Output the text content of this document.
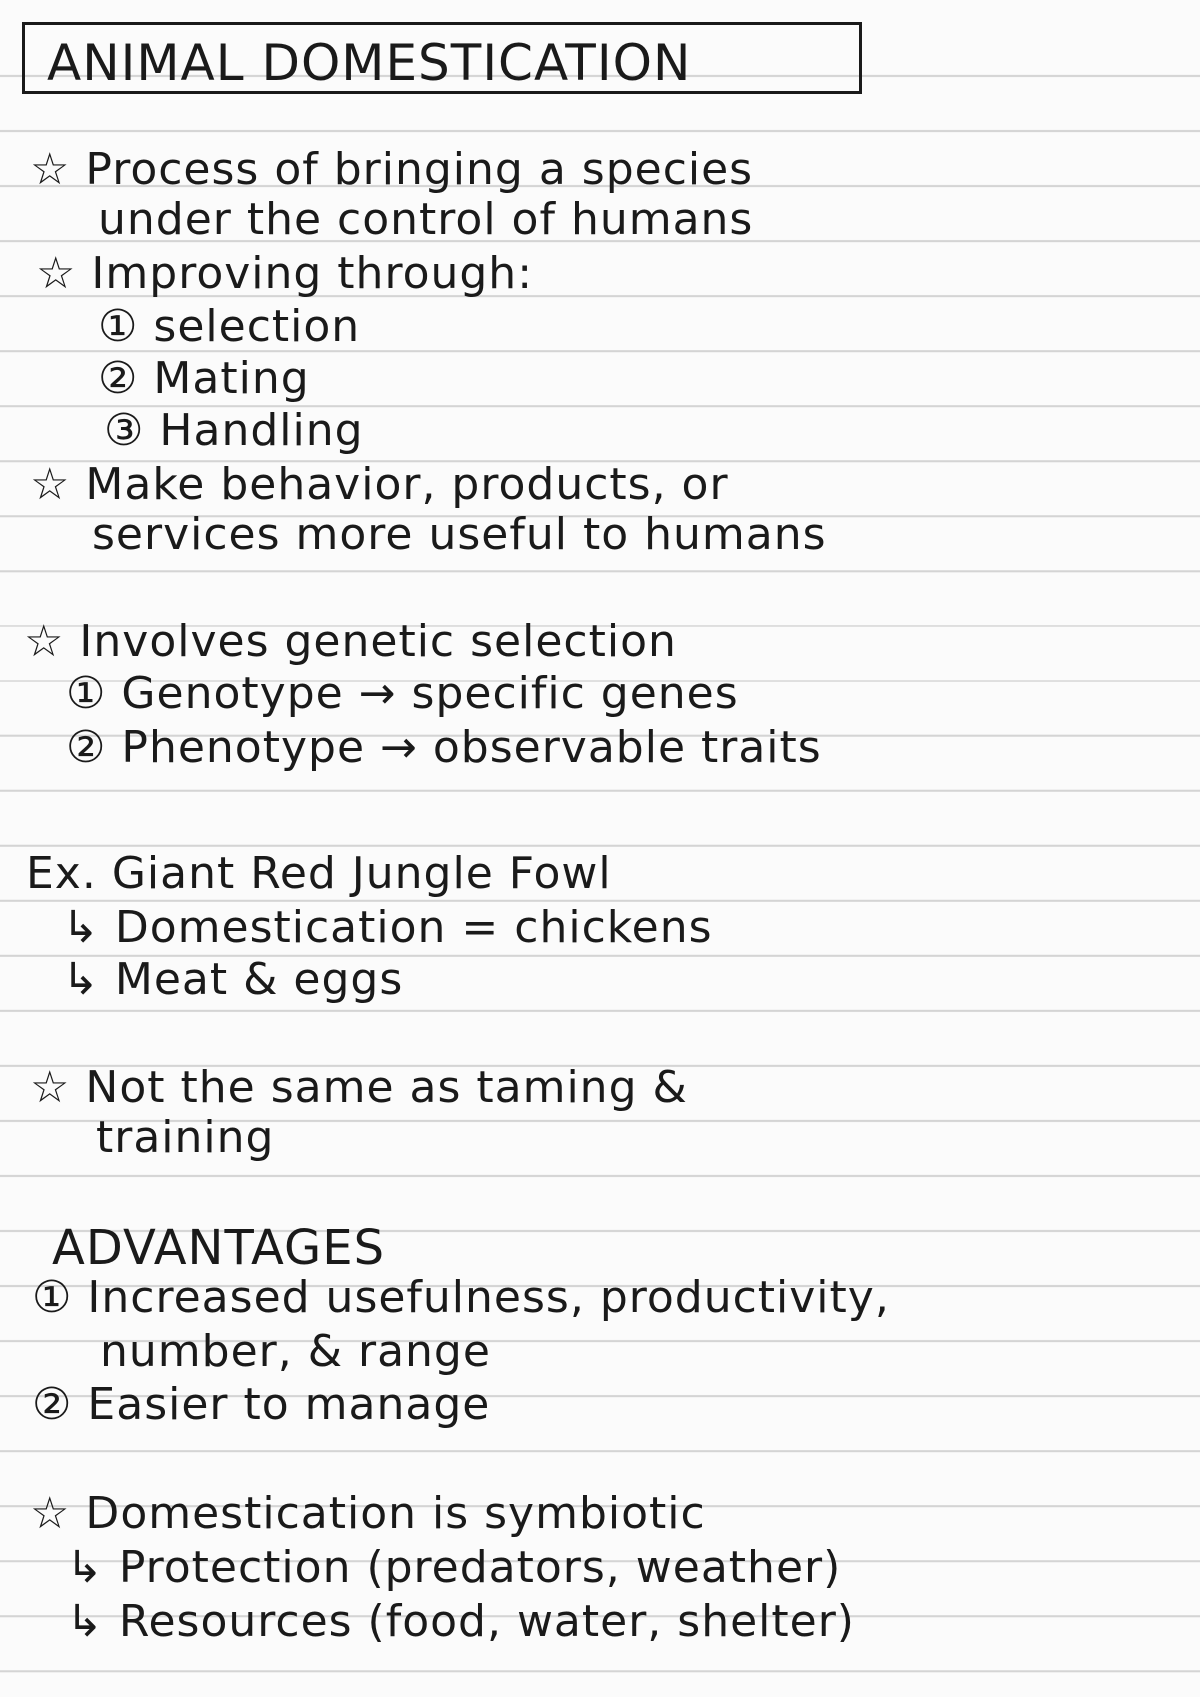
ANIMAL DOMESTICATION
☆ Process of bringing a species
under the control of humans
☆ Improving through:
① selection
② Mating
③ Handling
☆ Make behavior, products, or
services more useful to humans
☆ Involves genetic selection
① Genotype → specific genes
② Phenotype → observable traits
Ex. Giant Red Jungle Fowl
↳ Domestication = chickens
↳ Meat & eggs
☆ Not the same as taming &
training
ADVANTAGES
① Increased usefulness, productivity,
number, & range
② Easier to manage
☆ Domestication is symbiotic
↳ Protection (predators, weather)
↳ Resources (food, water, shelter)
